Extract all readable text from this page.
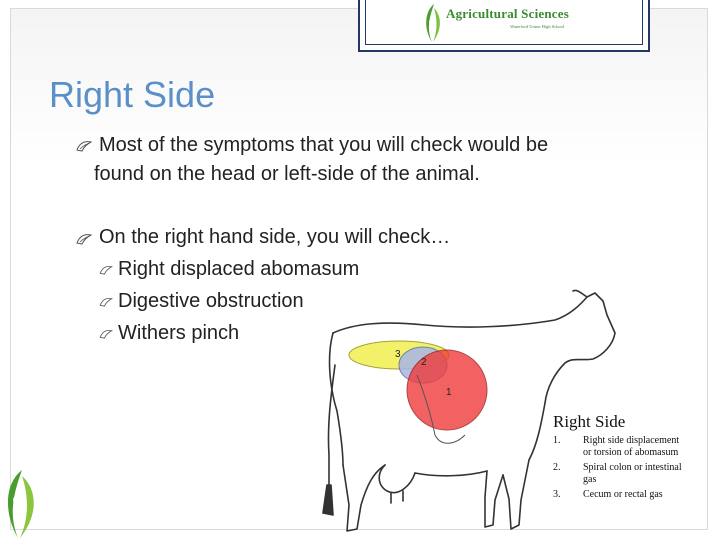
Agricultural Sciences
Waterford Union High School
Right Side
Most of the symptoms that you will check would be
found on the head or left-side of the animal.
On the right hand side, you will check…
Right displaced abomasum
Digestive obstruction
Withers pinch
3
2
1
Right Side
1. Right side displacement
or torsion of abomasum
2. Spiral colon or intestinal
gas
3. Cecum or rectal gas
